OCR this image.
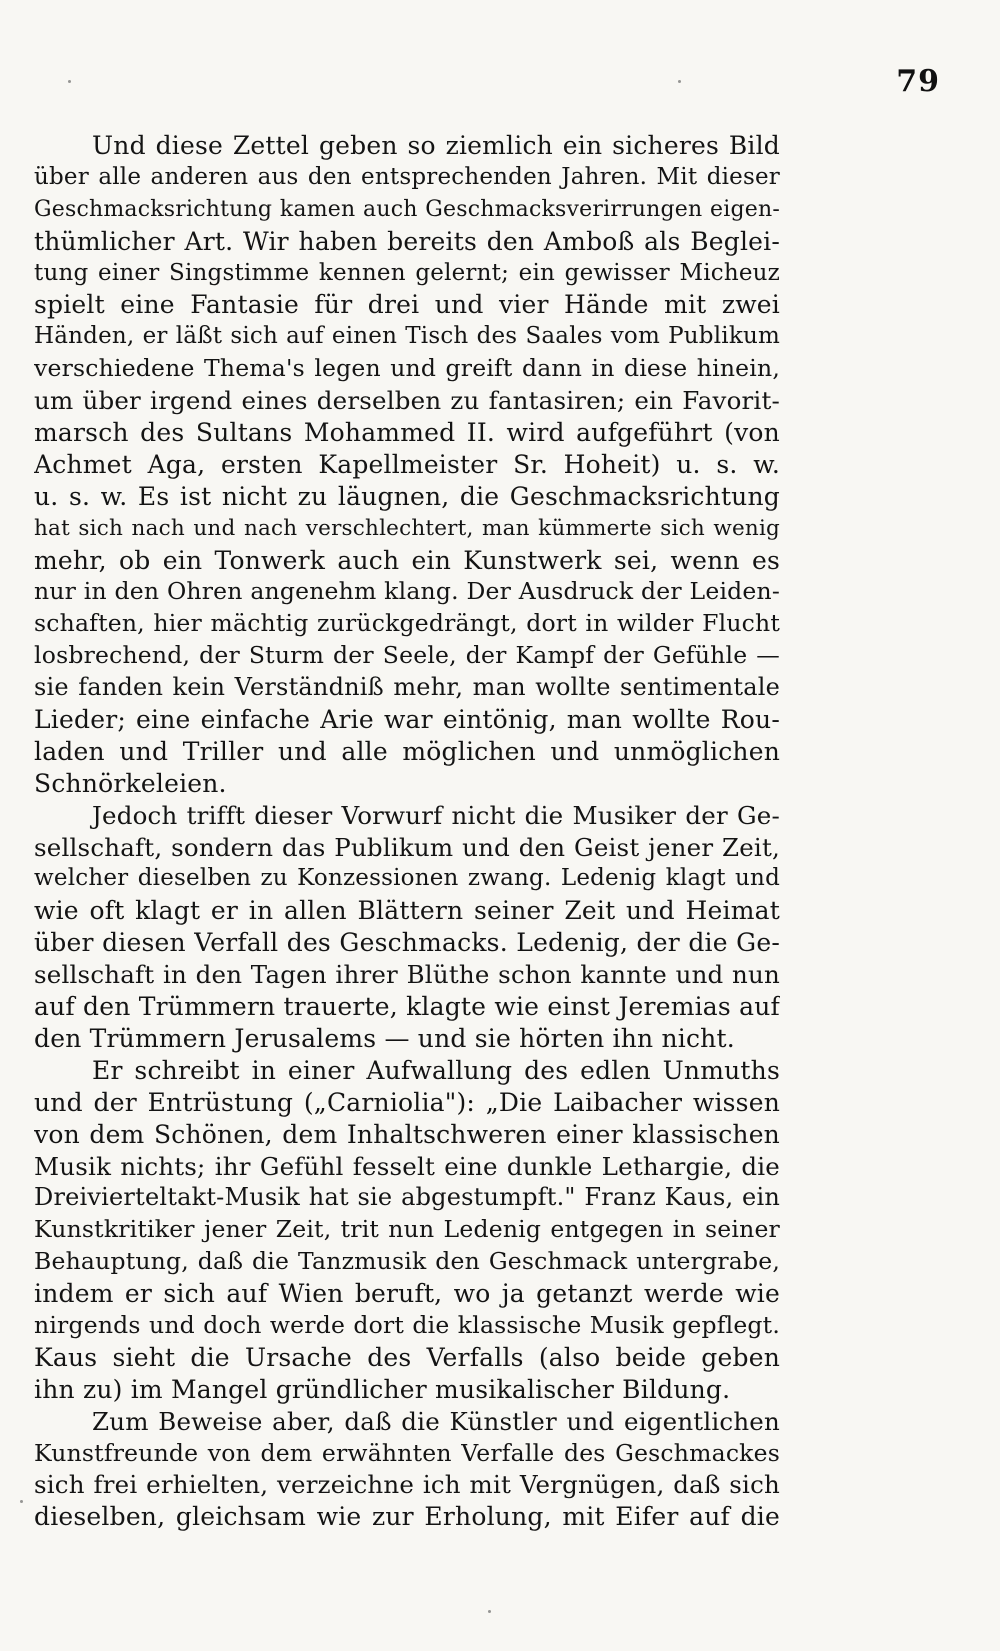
79
Und diese Zettel geben so ziemlich ein sicheres Bild
über alle anderen aus den entsprechenden Jahren. Mit dieser
Geschmacksrichtung kamen auch Geschmacksverirrungen eigen-
thümlicher Art. Wir haben bereits den Amboß als Beglei-
tung einer Singstimme kennen gelernt; ein gewisser Micheuz
spielt eine Fantasie für drei und vier Hände mit zwei
Händen, er läßt sich auf einen Tisch des Saales vom Publikum
verschiedene Thema's legen und greift dann in diese hinein,
um über irgend eines derselben zu fantasiren; ein Favorit-
marsch des Sultans Mohammed II. wird aufgeführt (von
Achmet Aga, ersten Kapellmeister Sr. Hoheit) u. s. w.
u. s. w. Es ist nicht zu läugnen, die Geschmacksrichtung
hat sich nach und nach verschlechtert, man kümmerte sich wenig
mehr, ob ein Tonwerk auch ein Kunstwerk sei, wenn es
nur in den Ohren angenehm klang. Der Ausdruck der Leiden-
schaften, hier mächtig zurückgedrängt, dort in wilder Flucht
losbrechend, der Sturm der Seele, der Kampf der Gefühle —
sie fanden kein Verständniß mehr, man wollte sentimentale
Lieder; eine einfache Arie war eintönig, man wollte Rou-
laden und Triller und alle möglichen und unmöglichen
Schnörkeleien.
Jedoch trifft dieser Vorwurf nicht die Musiker der Ge-
sellschaft, sondern das Publikum und den Geist jener Zeit,
welcher dieselben zu Konzessionen zwang. Ledenig klagt und
wie oft klagt er in allen Blättern seiner Zeit und Heimat
über diesen Verfall des Geschmacks. Ledenig, der die Ge-
sellschaft in den Tagen ihrer Blüthe schon kannte und nun
auf den Trümmern trauerte, klagte wie einst Jeremias auf
den Trümmern Jerusalems — und sie hörten ihn nicht.
Er schreibt in einer Aufwallung des edlen Unmuths
und der Entrüstung („Carniolia"): „Die Laibacher wissen
von dem Schönen, dem Inhaltschweren einer klassischen
Musik nichts; ihr Gefühl fesselt eine dunkle Lethargie, die
Dreivierteltakt-Musik hat sie abgestumpft." Franz Kaus, ein
Kunstkritiker jener Zeit, trit nun Ledenig entgegen in seiner
Behauptung, daß die Tanzmusik den Geschmack untergrabe,
indem er sich auf Wien beruft, wo ja getanzt werde wie
nirgends und doch werde dort die klassische Musik gepflegt.
Kaus sieht die Ursache des Verfalls (also beide geben
ihn zu) im Mangel gründlicher musikalischer Bildung.
Zum Beweise aber, daß die Künstler und eigentlichen
Kunstfreunde von dem erwähnten Verfalle des Geschmackes
sich frei erhielten, verzeichne ich mit Vergnügen, daß sich
dieselben, gleichsam wie zur Erholung, mit Eifer auf die
